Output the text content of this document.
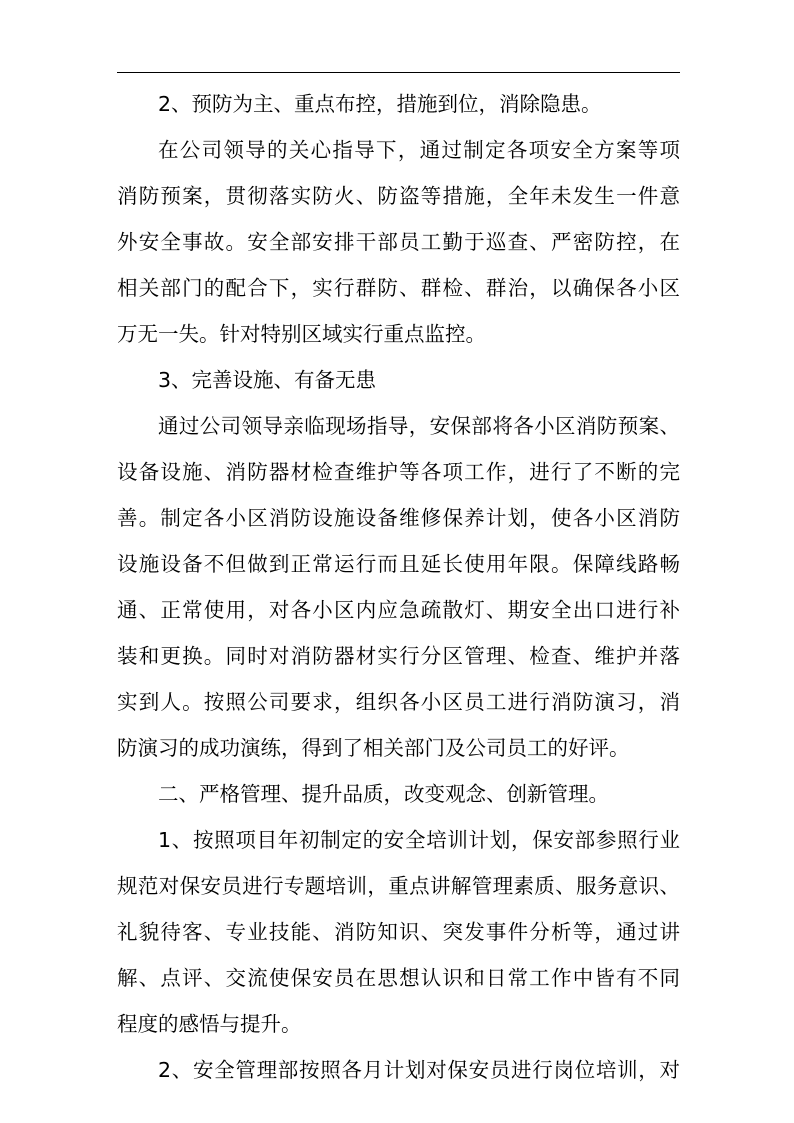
2、预防为主、重点布控，措施到位，消除隐患。
在公司领导的关心指导下，通过制定各项安全方案等项
消防预案，贯彻落实防火、防盗等措施，全年未发生一件意
外安全事故。安全部安排干部员工勤于巡查、严密防控，在
相关部门的配合下，实行群防、群检、群治，以确保各小区
万无一失。针对特别区域实行重点监控。
3、完善设施、有备无患
通过公司领导亲临现场指导，安保部将各小区消防预案、
设备设施、消防器材检查维护等各项工作，进行了不断的完
善。制定各小区消防设施设备维修保养计划，使各小区消防
设施设备不但做到正常运行而且延长使用年限。保障线路畅
通、正常使用，对各小区内应急疏散灯、期安全出口进行补
装和更换。同时对消防器材实行分区管理、检查、维护并落
实到人。按照公司要求，组织各小区员工进行消防演习，消
防演习的成功演练，得到了相关部门及公司员工的好评。
二、严格管理、提升品质，改变观念、创新管理。
1、按照项目年初制定的安全培训计划，保安部参照行业
规范对保安员进行专题培训，重点讲解管理素质、服务意识、
礼貌待客、专业技能、消防知识、突发事件分析等，通过讲
解、点评、交流使保安员在思想认识和日常工作中皆有不同
程度的感悟与提升。
2、安全管理部按照各月计划对保安员进行岗位培训，对
